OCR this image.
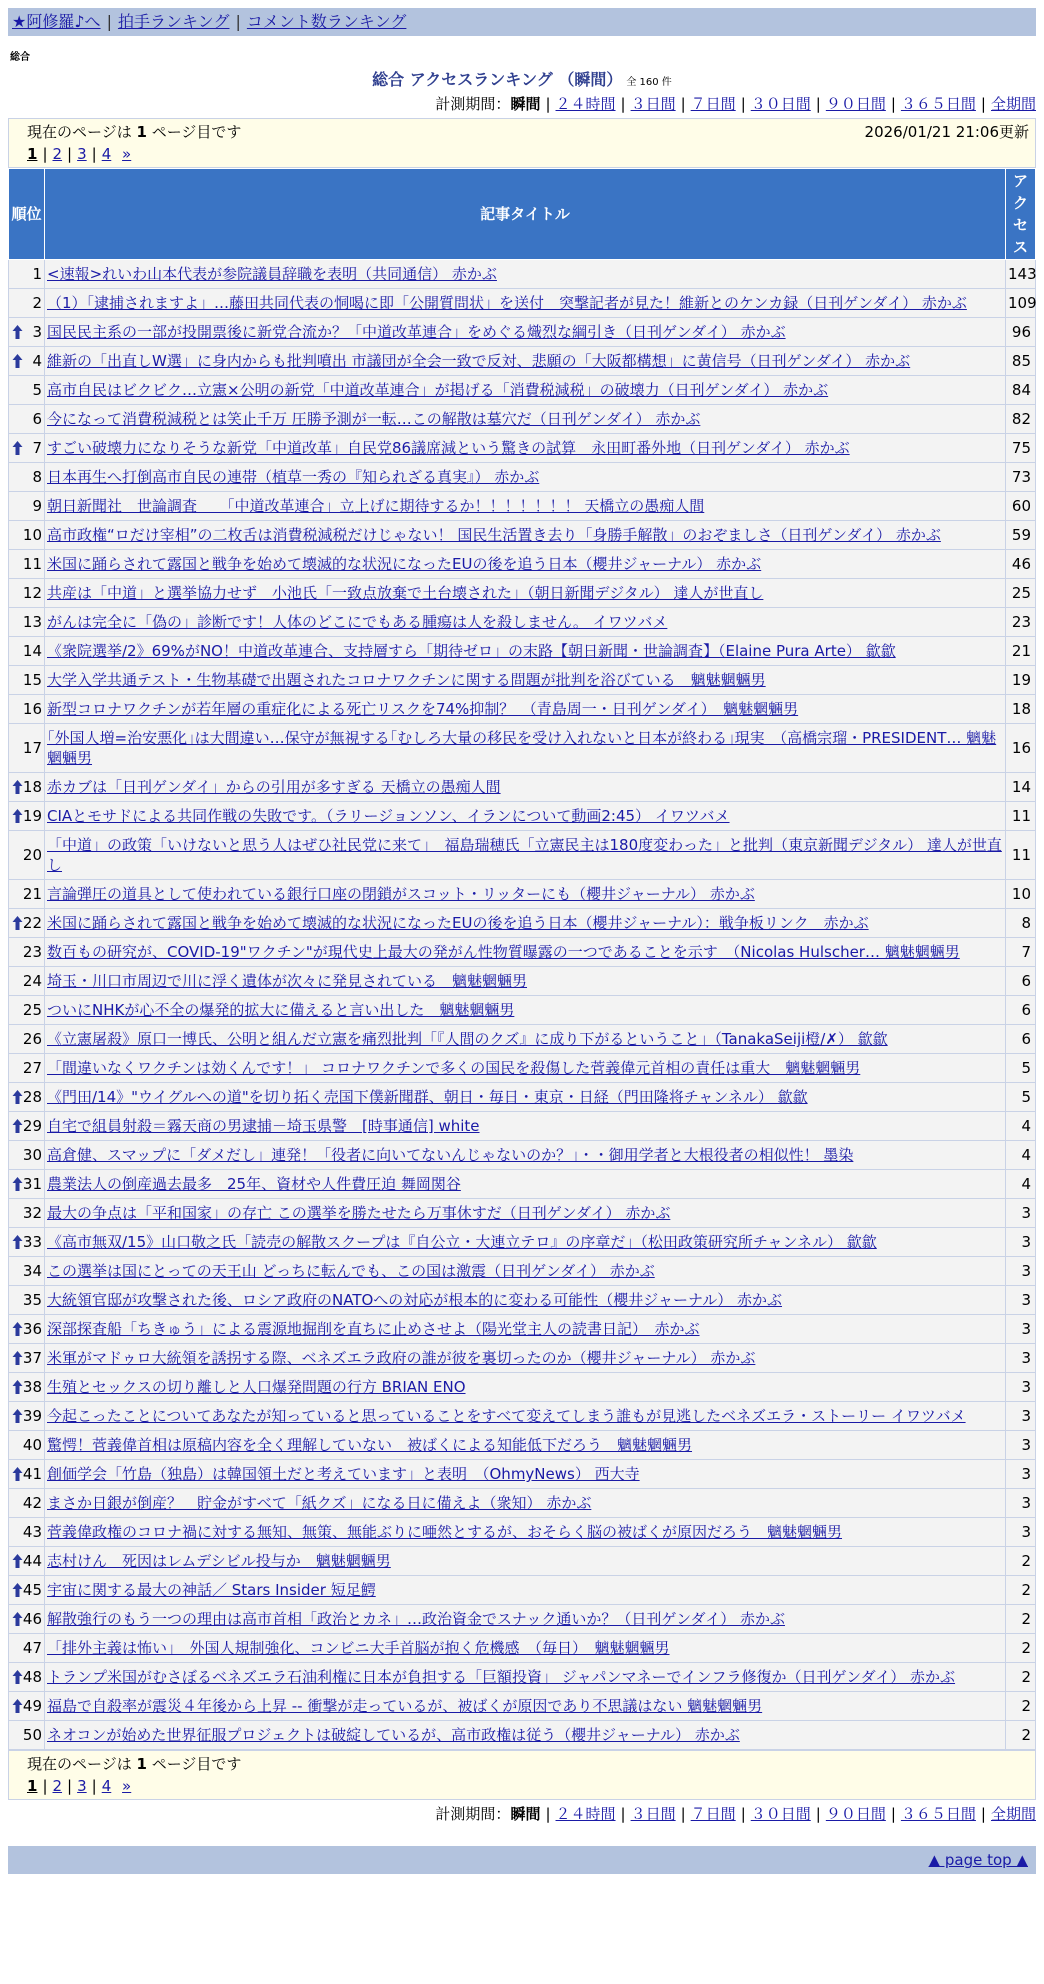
★阿修羅♪へ | 拍手ランキング | コメント数ランキング
総合
総合 アクセスランキング （瞬間） 全 160 件
計測期間：瞬間 | ２４時間 | ３日間 | ７日間 | ３０日間 | ９０日間 | ３６５日間 | 全期間
現在のページは 1 ページ目です	2026/01/21 21:06更新
1 | 2 | 3 | 4 »
順位	記事タイトル	アクセス
1	<速報>れいわ山本代表が参院議員辞職を表明（共同通信） 赤かぶ	143
2	（1）「逮捕されますよ」…藤田共同代表の恫喝に即「公開質問状」を送付　突撃記者が見た！維新とのケンカ録（日刊ゲンダイ） 赤かぶ	109

3	国民民主系の一部が投開票後に新党合流か？「中道改革連合」をめぐる熾烈な綱引き（日刊ゲンダイ） 赤かぶ	96

4	維新の「出直しW選」に身内からも批判噴出 市議団が全会一致で反対、悲願の「大阪都構想」に黄信号（日刊ゲンダイ） 赤かぶ	85
5	高市自民はビクビク…立憲×公明の新党「中道改革連合」が掲げる「消費税減税」の破壊力（日刊ゲンダイ） 赤かぶ	84
6	今になって消費税減税とは笑止千万 圧勝予測が一転…この解散は墓穴だ（日刊ゲンダイ） 赤かぶ	82

7	すごい破壊力になりそうな新党「中道改革」自民党86議席減という驚きの試算　永田町番外地（日刊ゲンダイ） 赤かぶ	75
8	日本再生へ打倒高市自民の連帯（植草一秀の『知られざる真実』） 赤かぶ	73
9	朝日新聞社　世論調査　　「中道改革連合」立上げに期待するか！！！！！！！ 天橋立の愚痴人間	60
10	高市政権“ロだけ宰相”の二枚舌は消費税減税だけじゃない！ 国民生活置き去り「身勝手解散」のおぞましさ（日刊ゲンダイ） 赤かぶ	59
11	米国に踊らされて露国と戦争を始めて壊滅的な状況になったEUの後を追う日本（櫻井ジャーナル） 赤かぶ	46
12	共産は「中道」と選挙協力せず　小池氏「一致点放棄で土台壊された」（朝日新聞デジタル） 達人が世直し	25
13	がんは完全に「偽の」診断です！人体のどこにでもある腫瘍は人を殺しません。 イワツバメ	23
14	《衆院選挙/2》69%がNO！中道改革連合、支持層すら「期待ゼロ」の末路【朝日新聞・世論調査】（Elaine Pura Arte） 歙歙	21
15	大学入学共通テスト・生物基礎で出題されたコロナワクチンに関する問題が批判を浴びている　魑魅魍魎男	19
16	新型コロナワクチンが若年層の重症化による死亡リスクを74%抑制？　（青島周一・日刊ゲンダイ）　魑魅魍魎男	18
17	｢外国人増=治安悪化｣は大間違い…保守が無視する｢むしろ大量の移民を受け入れないと日本が終わる｣現実　（高橋宗瑠・PRESIDENT… 魑魅魍魎男	16

18	赤カブは「日刊ゲンダイ」からの引用が多すぎる 天橋立の愚痴人間	14

19	CIAとモサドによる共同作戦の失敗です。（ラリージョンソン、イランについて動画2:45） イワツバメ	11
20	「中道」の政策「いけないと思う人はぜひ社民党に来て」　福島瑞穂氏「立憲民主は180度変わった」と批判（東京新聞デジタル） 達人が世直し	11
21	言論弾圧の道具として使われている銀行口座の閉鎖がスコット・リッターにも（櫻井ジャーナル） 赤かぶ	10

22	米国に踊らされて露国と戦争を始めて壊滅的な状況になったEUの後を追う日本（櫻井ジャーナル）：戦争板リンク　赤かぶ	8
23	数百もの研究が、COVID-19"ワクチン"が現代史上最大の発がん性物質曝露の一つであることを示す　（Nicolas Hulscher… 魑魅魍魎男	7
24	埼玉・川口市周辺で川に浮く遺体が次々に発見されている　魑魅魍魎男	6
25	ついにNHKが心不全の爆発的拡大に備えると言い出した　魑魅魍魎男	6
26	《立憲屠殺》原口一博氏、公明と組んだ立憲を痛烈批判「『人間のクズ』に成り下がるということ」（TanakaSeiji橙/✗） 歙歙	6
27	「間違いなくワクチンは効くんです！」 コロナワクチンで多くの国民を殺傷した菅義偉元首相の責任は重大　魑魅魍魎男	5

28	《門田/14》"ウイグルへの道"を切り拓く売国下僕新聞群、朝日・毎日・東京・日経（門田隆将チャンネル） 歙歙	5

29	自宅で組員射殺＝霧天商の男逮捕－埼玉県警　[時事通信] white	4
30	高倉健、スマップに「ダメだし」連発！「役者に向いてないんじゃないのか？」・・御用学者と大根役者の相似性！ 墨染	4

31	農業法人の倒産過去最多　25年、資材や人件費圧迫 舞岡関谷	4
32	最大の争点は「平和国家」の存亡 この選挙を勝たせたら万事休すだ（日刊ゲンダイ） 赤かぶ	3

33	《高市無双/15》山口敬之氏「読売の解散スクープは『自公立・大連立テロ』の序章だ」（松田政策研究所チャンネル） 歙歙	3
34	この選挙は国にとっての天王山 どっちに転んでも、この国は激震（日刊ゲンダイ） 赤かぶ	3
35	大統領官邸が攻撃された後、ロシア政府のNATOへの対応が根本的に変わる可能性（櫻井ジャーナル） 赤かぶ	3

36	深部探査船「ちきゅう」による震源地掘削を直ちに止めさせよ（陽光堂主人の読書日記）　赤かぶ	3

37	米軍がマドゥロ大統領を誘拐する際、ベネズエラ政府の誰が彼を裏切ったのか（櫻井ジャーナル） 赤かぶ	3

38	生殖とセックスの切り離しと人口爆発問題の行方 BRIAN ENO	3

39	今起こったことについてあなたが知っていると思っていることをすべて変えてしまう誰もが見逃したベネズエラ・ストーリー イワツバメ	3
40	驚愕！菅義偉首相は原稿内容を全く理解していない　被ばくによる知能低下だろう　魑魅魍魎男	3

41	創価学会「竹島（独島）は韓国領土だと考えています」と表明　（OhmyNews） 西大寺	3
42	まさか日銀が倒産？　貯金がすべて「紙クズ」になる日に備えよ（衆知） 赤かぶ	3
43	菅義偉政権のコロナ禍に対する無知、無策、無能ぶりに唖然とするが、おそらく脳の被ばくが原因だろう　魑魅魍魎男	3

44	志村けん　死因はレムデシビル投与か　魑魅魍魎男	2

45	宇宙に関する最大の神話／ Stars Insider 短足鰐	2

46	解散強行のもう一つの理由は高市首相「政治とカネ」…政治資金でスナック通いか？（日刊ゲンダイ） 赤かぶ	2
47	「排外主義は怖い」　外国人規制強化、コンビニ大手首脳が抱く危機感　（毎日）　魑魅魍魎男	2

48	トランプ米国がむさぼるベネズエラ石油利権に日本が負担する「巨額投資」 ジャパンマネーでインフラ修復か（日刊ゲンダイ） 赤かぶ	2

49	福島で自殺率が震災４年後から上昇 -- 衝撃が走っているが、被ばくが原因であり不思議はない 魑魅魍魎男	2
50	ネオコンが始めた世界征服プロジェクトは破綻しているが、高市政権は従う（櫻井ジャーナル） 赤かぶ	2
現在のページは 1 ページ目です
1 | 2 | 3 | 4 »
計測期間：瞬間 | ２４時間 | ３日間 | ７日間 | ３０日間 | ９０日間 | ３６５日間 | 全期間
▲ page top ▲
